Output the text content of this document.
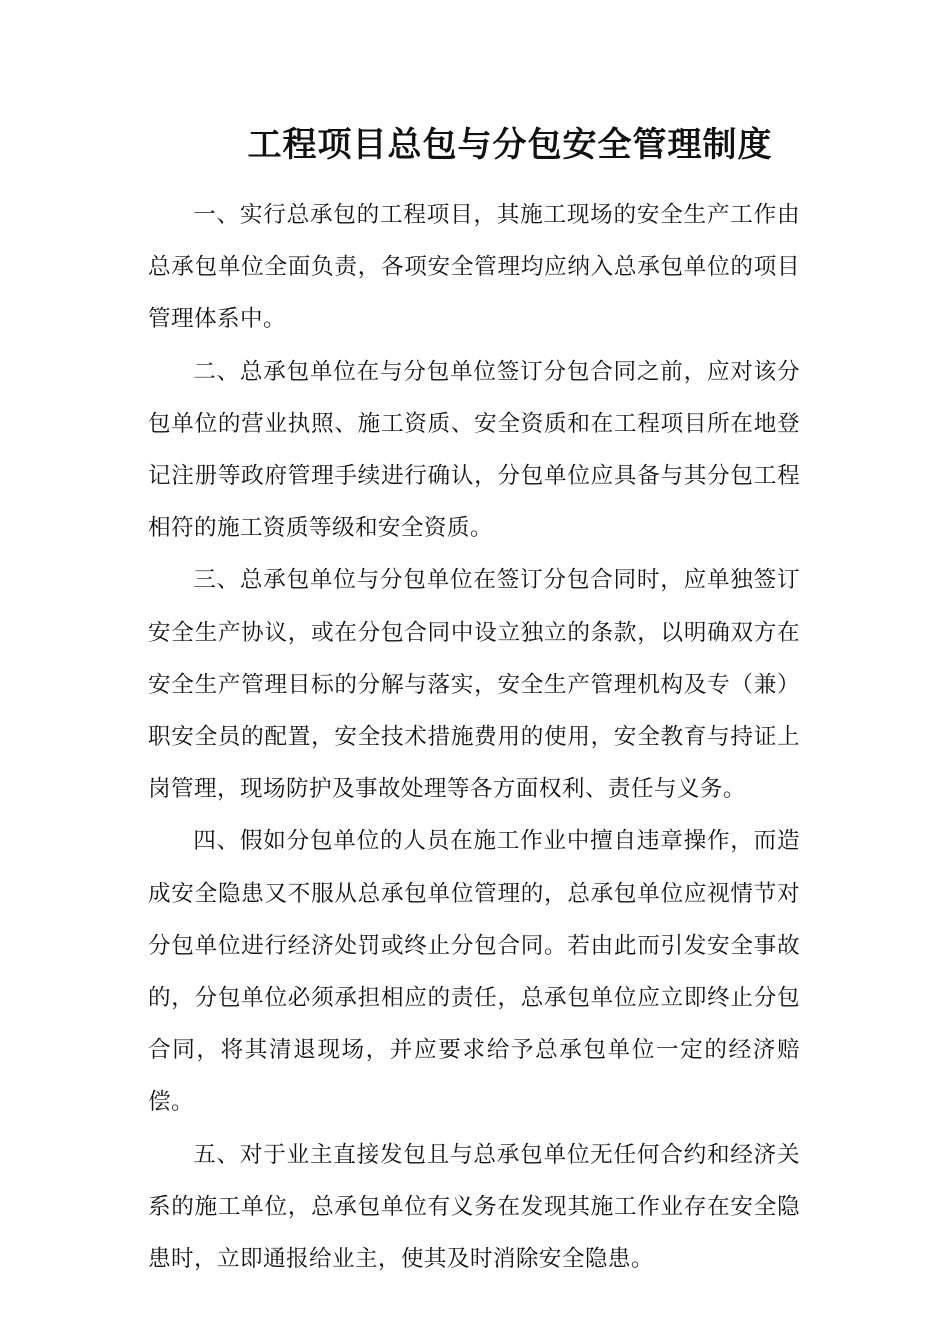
工程项目总包与分包安全管理制度

一、实行总承包的工程项目，其施工现场的安全生产工作由总承包单位全面负责，各项安全管理均应纳入总承包单位的项目管理体系中。

二、总承包单位在与分包单位签订分包合同之前，应对该分包单位的营业执照、施工资质、安全资质和在工程项目所在地登记注册等政府管理手续进行确认，分包单位应具备与其分包工程相符的施工资质等级和安全资质。

三、总承包单位与分包单位在签订分包合同时，应单独签订安全生产协议，或在分包合同中设立独立的条款，以明确双方在安全生产管理目标的分解与落实，安全生产管理机构及专（兼）职安全员的配置，安全技术措施费用的使用，安全教育与持证上岗管理，现场防护及事故处理等各方面权利、责任与义务。

四、假如分包单位的人员在施工作业中擅自违章操作，而造成安全隐患又不服从总承包单位管理的，总承包单位应视情节对分包单位进行经济处罚或终止分包合同。若由此而引发安全事故的，分包单位必须承担相应的责任，总承包单位应立即终止分包合同，将其清退现场，并应要求给予总承包单位一定的经济赔偿。

五、对于业主直接发包且与总承包单位无任何合约和经济关系的施工单位，总承包单位有义务在发现其施工作业存在安全隐患时，立即通报给业主，使其及时消除安全隐患。
